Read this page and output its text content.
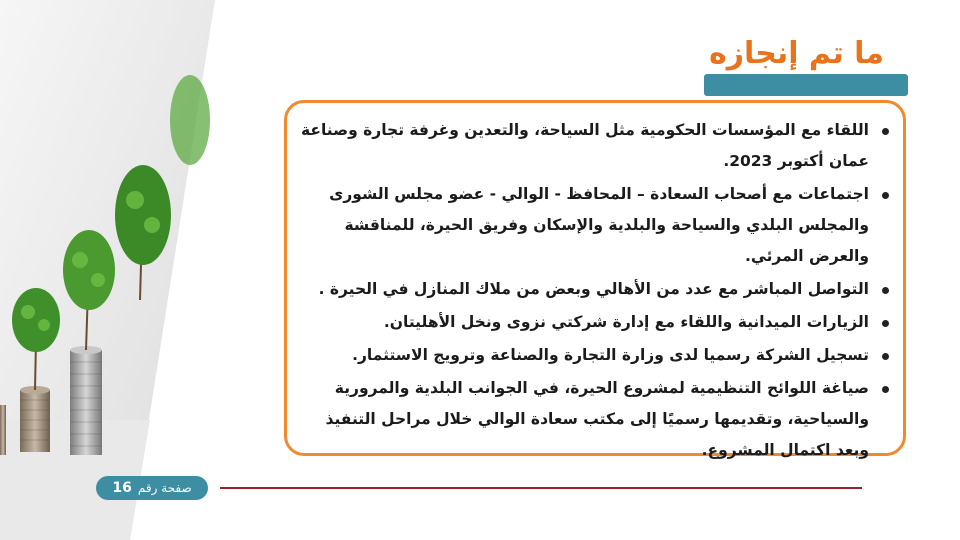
ما تم إنجازه
اللقاء مع المؤسسات الحكومية مثل السياحة، والتعدين وغرفة تجارة وصناعة عمان أكتوبر 2023.
اجتماعات مع أصحاب السعادة – المحافظ - الوالي - عضو مجلس الشورى والمجلس البلدي والسياحة والبلدية والإسكان وفريق الحيرة، للمناقشة والعرض المرئي.
التواصل المباشر مع عدد من الأهالي وبعض من ملاك المنازل في الحيرة .
الزيارات الميدانية واللقاء مع إدارة شركتي نزوى ونخل الأهليتان.
تسجيل الشركة رسميا لدى وزارة التجارة والصناعة وترويج الاستثمار.
صياغة اللوائح التنظيمية لمشروع الحيرة، في الجوانب البلدية والمرورية والسياحية، وتقديمها رسميًا إلى مكتب سعادة الوالي خلال مراحل التنفيذ وبعد اكتمال المشروع.
صفحة رقم
16
